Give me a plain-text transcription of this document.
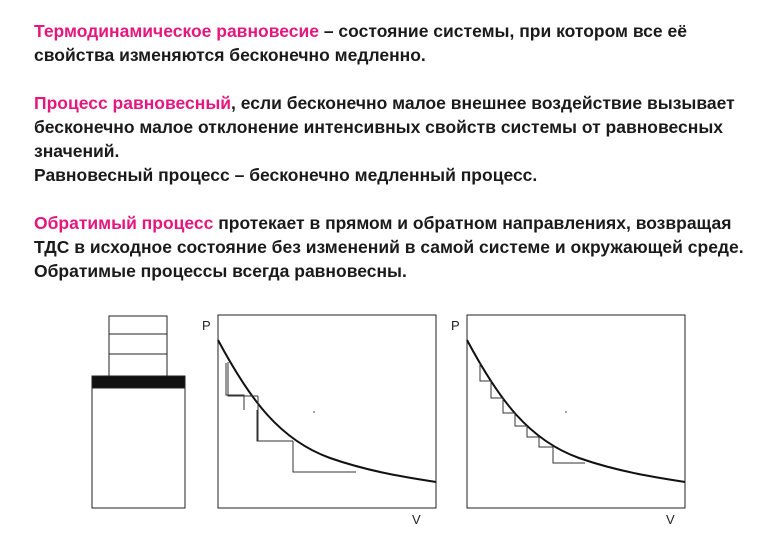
Термодинамическое равновесие – состояние системы, при котором все её свойства изменяются бесконечно медленно.

Процесс равновесный, если бесконечно малое внешнее воздействие вызывает бесконечно малое отклонение интенсивных свойств системы от равновесных значений.
Равновесный процесс – бесконечно медленный процесс.

Обратимый процесс протекает в прямом и обратном направлениях, возвращая ТДС в исходное состояние без изменений в самой системе и окружающей среде. Обратимые процессы всегда равновесны.

P
V
P
V
